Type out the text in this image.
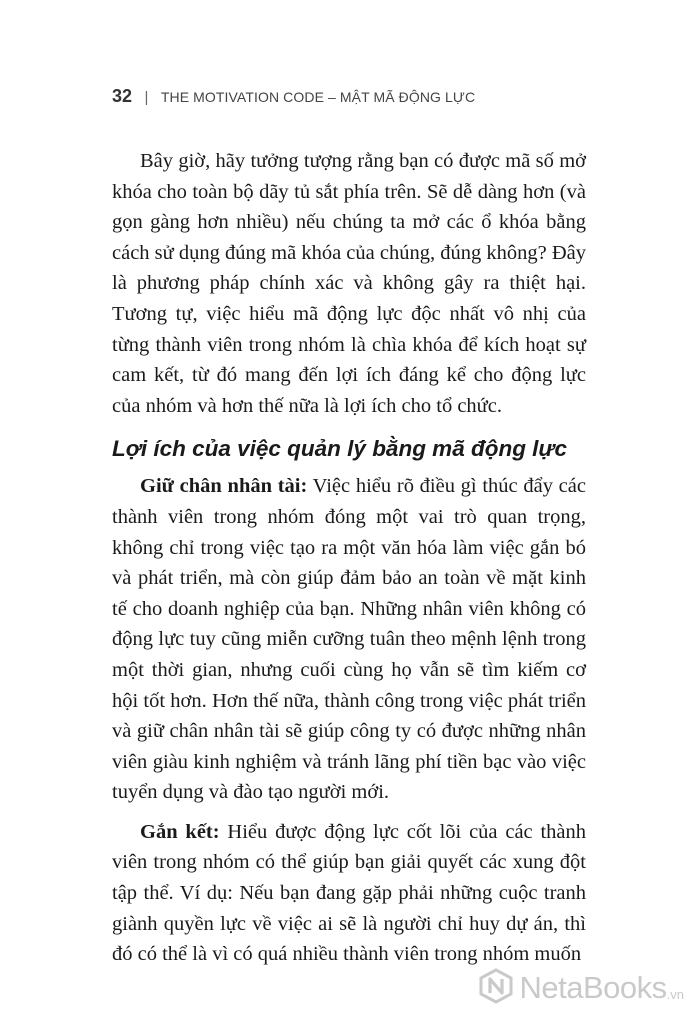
32 | THE MOTIVATION CODE – MẬT MÃ ĐỘNG LỰC

Bây giờ, hãy tưởng tượng rằng bạn có được mã số mở khóa cho toàn bộ dãy tủ sắt phía trên. Sẽ dễ dàng hơn (và gọn gàng hơn nhiều) nếu chúng ta mở các ổ khóa bằng cách sử dụng đúng mã khóa của chúng, đúng không? Đây là phương pháp chính xác và không gây ra thiệt hại. Tương tự, việc hiểu mã động lực độc nhất vô nhị của từng thành viên trong nhóm là chìa khóa để kích hoạt sự cam kết, từ đó mang đến lợi ích đáng kể cho động lực của nhóm và hơn thế nữa là lợi ích cho tổ chức.

Lợi ích của việc quản lý bằng mã động lực

Giữ chân nhân tài: Việc hiểu rõ điều gì thúc đẩy các thành viên trong nhóm đóng một vai trò quan trọng, không chỉ trong việc tạo ra một văn hóa làm việc gắn bó và phát triển, mà còn giúp đảm bảo an toàn về mặt kinh tế cho doanh nghiệp của bạn. Những nhân viên không có động lực tuy cũng miễn cưỡng tuân theo mệnh lệnh trong một thời gian, nhưng cuối cùng họ vẫn sẽ tìm kiếm cơ hội tốt hơn. Hơn thế nữa, thành công trong việc phát triển và giữ chân nhân tài sẽ giúp công ty có được những nhân viên giàu kinh nghiệm và tránh lãng phí tiền bạc vào việc tuyển dụng và đào tạo người mới.

Gắn kết: Hiểu được động lực cốt lõi của các thành viên trong nhóm có thể giúp bạn giải quyết các xung đột tập thể. Ví dụ: Nếu bạn đang gặp phải những cuộc tranh giành quyền lực về việc ai sẽ là người chỉ huy dự án, thì đó có thể là vì có quá nhiều thành viên trong nhóm muốn

NetaBooks .vn
